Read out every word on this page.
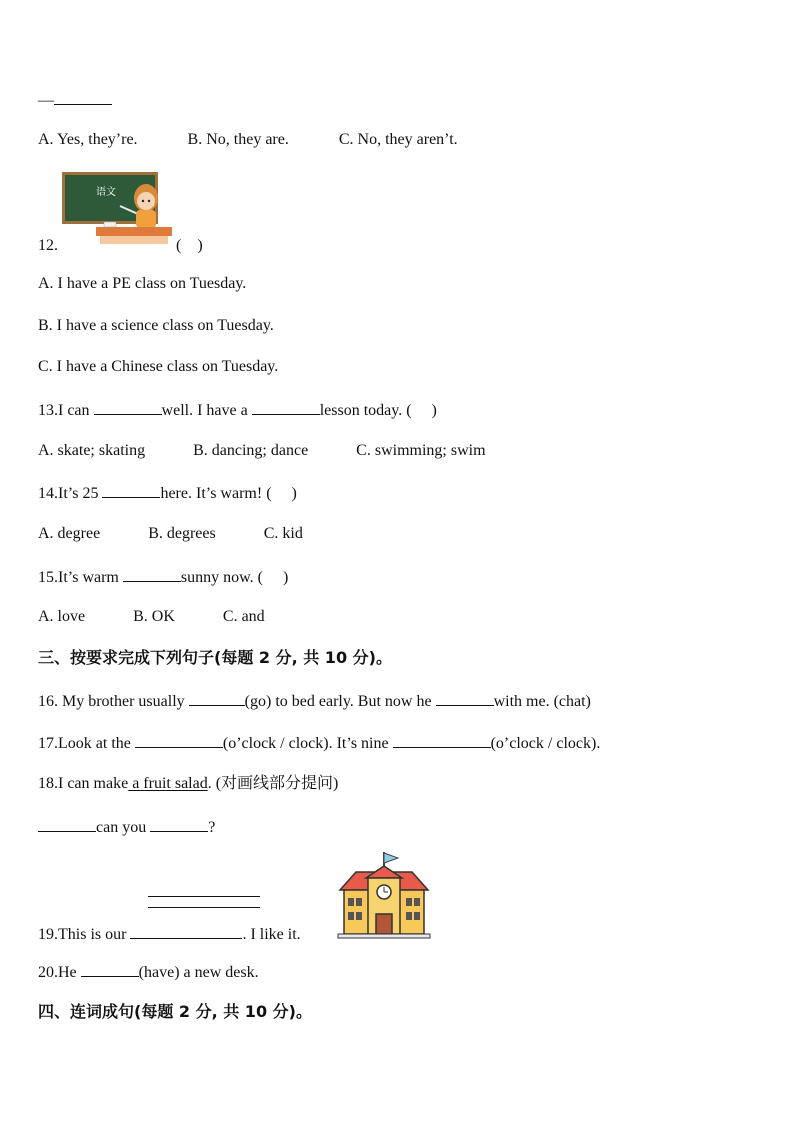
—
A. Yes, they’re.	B. No, they are.	C. No, they aren’t.
语文
12.	(　)
A. I have a PE class on Tuesday.
B. I have a science class on Tuesday.
C. I have a Chinese class on Tuesday.
13.I can	well. I have a	lesson today. (　 )
A. skate; skating	B. dancing; dance	C. swimming; swim
14.It’s 25	here. It’s warm! (　 )
A. degree	B. degrees	C. kid
15.It’s warm	sunny now. (　 )
A. love	B. OK	C. and
三、按要求完成下列句子(每题 2 分, 共 10 分)。
16. My brother usually	(go) to bed early. But now he	with me. (chat)
17.Look at the	(o’clock / clock). It’s nine	(o’clock / clock).
18.I can make a fruit salad. (对画线部分提问)
can you	?
19.This is our	. I like it.
20.He	(have) a new desk.
四、连词成句(每题 2 分, 共 10 分)。
